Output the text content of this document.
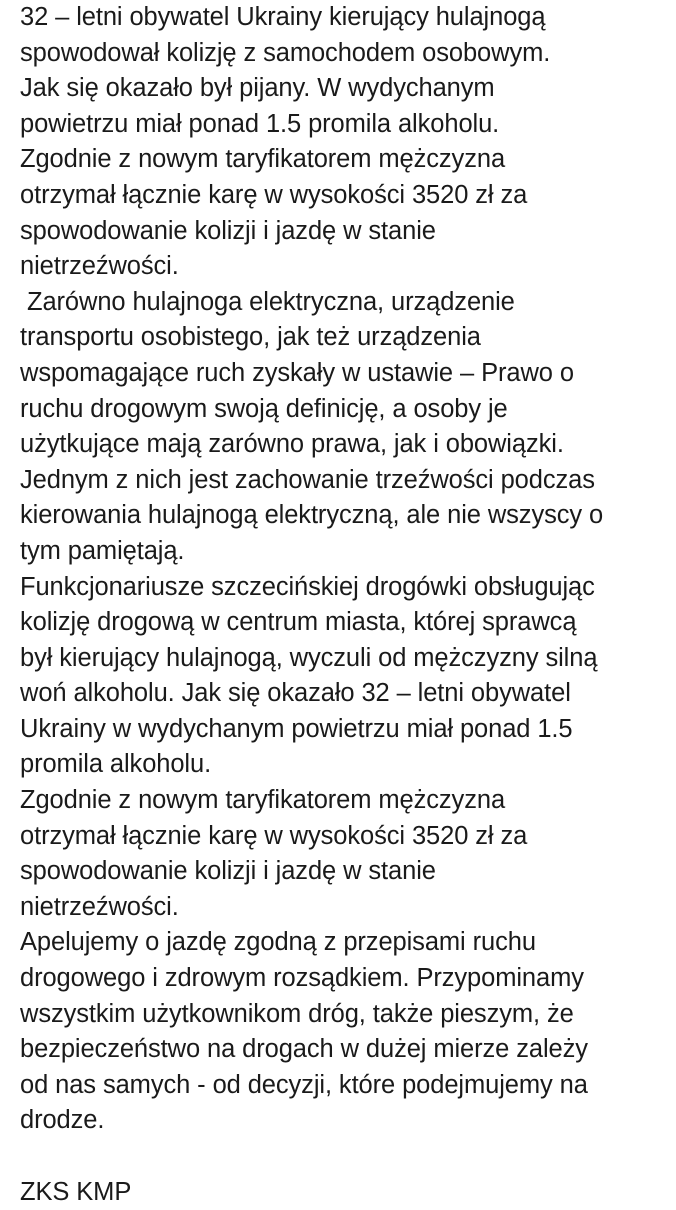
32 – letni obywatel Ukrainy kierujący hulajnogą
spowodował kolizję z samochodem osobowym.
Jak się okazało był pijany. W wydychanym
powietrzu miał ponad 1.5 promila alkoholu.
Zgodnie z nowym taryfikatorem mężczyzna
otrzymał łącznie karę w wysokości 3520 zł za
spowodowanie kolizji i jazdę w stanie
nietrzeźwości.
Zarówno hulajnoga elektryczna, urządzenie
transportu osobistego, jak też urządzenia
wspomagające ruch zyskały w ustawie – Prawo o
ruchu drogowym swoją definicję, a osoby je
użytkujące mają zarówno prawa, jak i obowiązki.
Jednym z nich jest zachowanie trzeźwości podczas
kierowania hulajnogą elektryczną, ale nie wszyscy o
tym pamiętają.
Funkcjonariusze szczecińskiej drogówki obsługując
kolizję drogową w centrum miasta, której sprawcą
był kierujący hulajnogą, wyczuli od mężczyzny silną
woń alkoholu. Jak się okazało 32 – letni obywatel
Ukrainy w wydychanym powietrzu miał ponad 1.5
promila alkoholu.
Zgodnie z nowym taryfikatorem mężczyzna
otrzymał łącznie karę w wysokości 3520 zł za
spowodowanie kolizji i jazdę w stanie
nietrzeźwości.
Apelujemy o jazdę zgodną z przepisami ruchu
drogowego i zdrowym rozsądkiem. Przypominamy
wszystkim użytkownikom dróg, także pieszym, że
bezpieczeństwo na drogach w dużej mierze zależy
od nas samych - od decyzji, które podejmujemy na
drodze.
ZKS KMP
